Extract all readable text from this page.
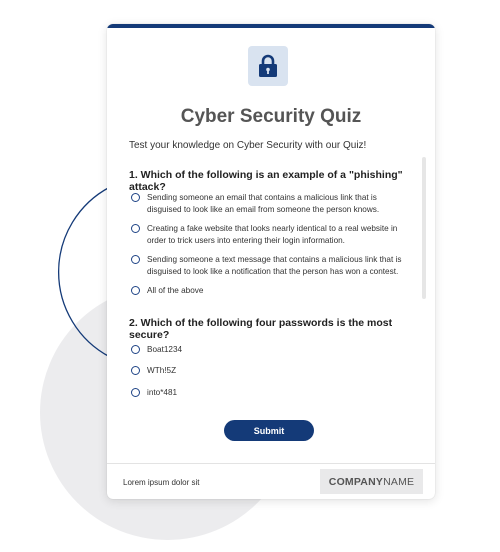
Cyber Security Quiz
Test your knowledge on Cyber Security with our Quiz!
1. Which of the following is an example of a "phishing" attack?
Sending someone an email that contains a malicious link that is
disguised to look like an email from someone the person knows.
Creating a fake website that looks nearly identical to a real website in
order to trick users into entering their login information.
Sending someone a text message that contains a malicious link that is
disguised to look like a notification that the person has won a contest.
All of the above
2. Which of the following four passwords is the most secure?
Boat1234
WTh!5Z
into*481
Submit
Lorem ipsum dolor sit	COMPANY NAME
